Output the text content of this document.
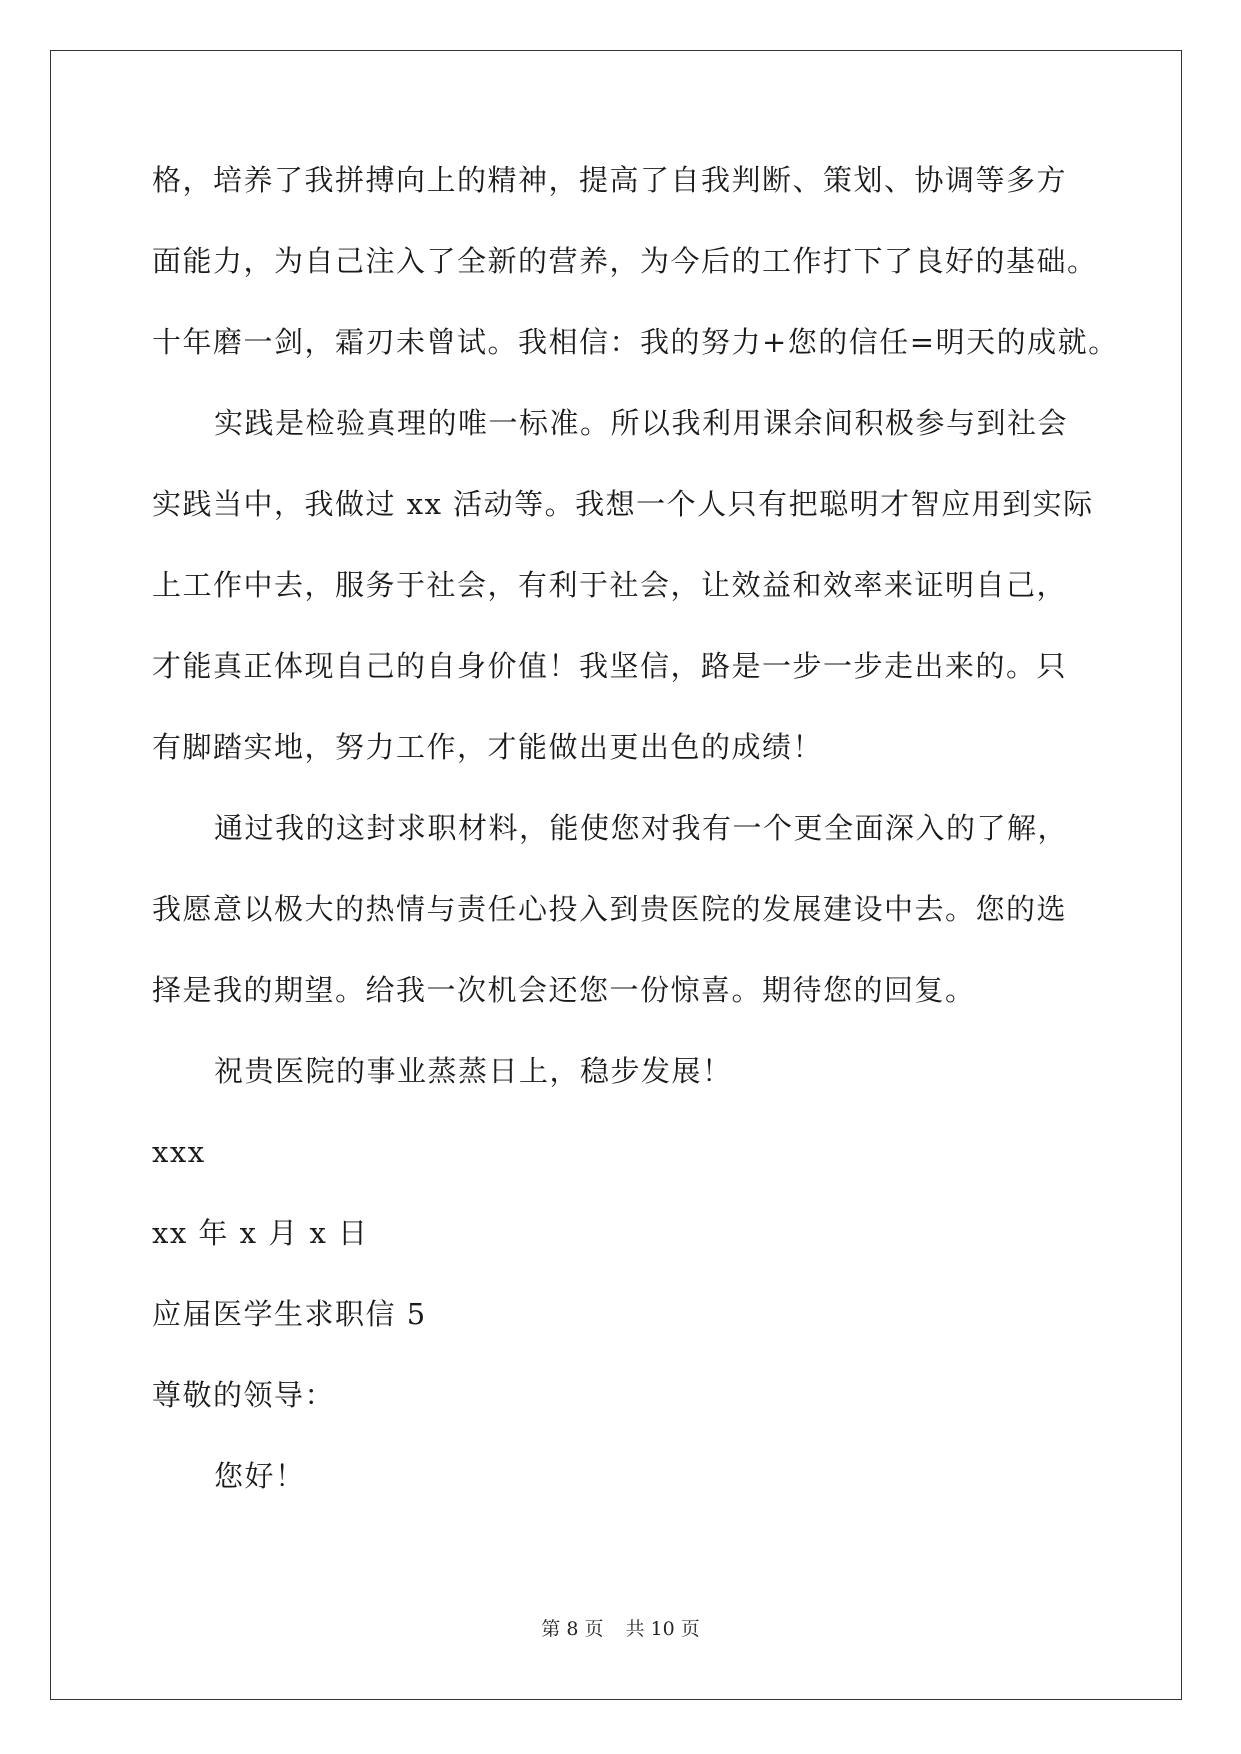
格，培养了我拼搏向上的精神，提高了自我判断、策划、协调等多方
面能力，为自己注入了全新的营养，为今后的工作打下了良好的基础。
十年磨一剑，霜刃未曾试。我相信：我的努力+您的信任=明天的成就。
实践是检验真理的唯一标准。所以我利用课余间积极参与到社会
实践当中，我做过 xx 活动等。我想一个人只有把聪明才智应用到实际
上工作中去，服务于社会，有利于社会，让效益和效率来证明自己，
才能真正体现自己的自身价值！我坚信，路是一步一步走出来的。只
有脚踏实地，努力工作，才能做出更出色的成绩！
通过我的这封求职材料，能使您对我有一个更全面深入的了解，
我愿意以极大的热情与责任心投入到贵医院的发展建设中去。您的选
择是我的期望。给我一次机会还您一份惊喜。期待您的回复。
祝贵医院的事业蒸蒸日上，稳步发展！
xxx
xx 年 x 月 x 日
应届医学生求职信 5
尊敬的领导：
您好！
第 8 页 共 10 页
